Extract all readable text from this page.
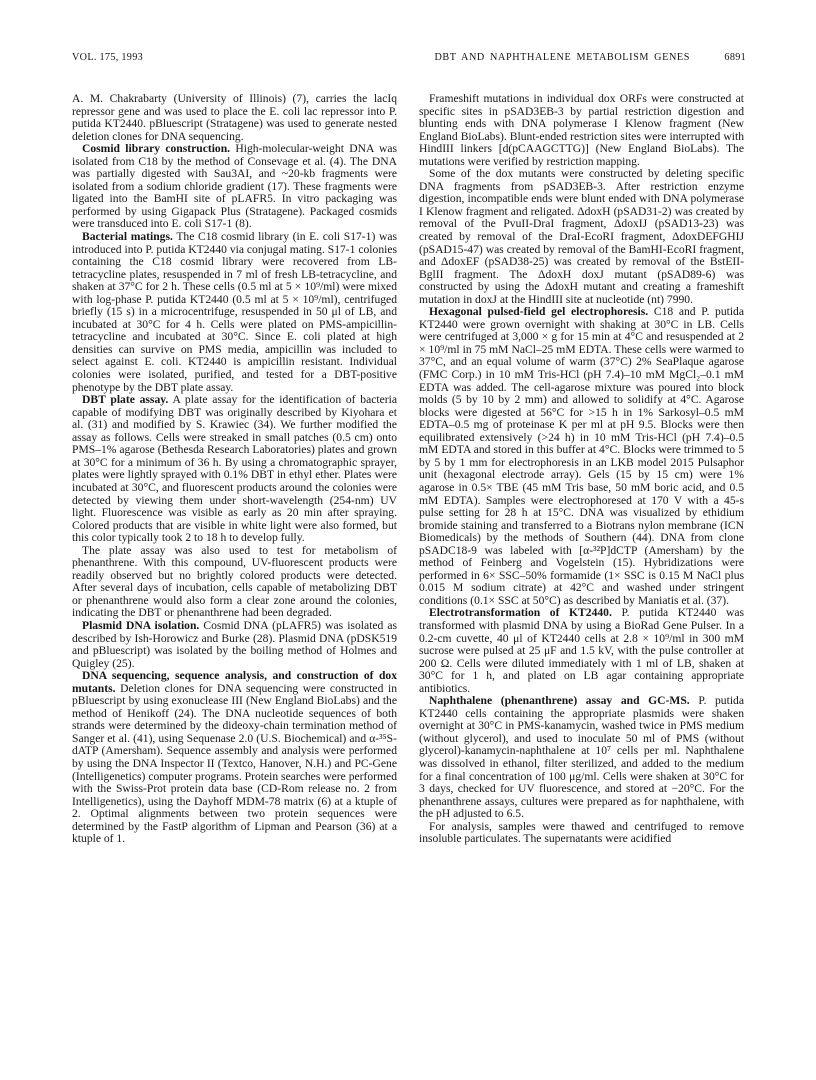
VOL. 175, 1993	DBT AND NAPHTHALENE METABOLISM GENES	6891

A. M. Chakrabarty (University of Illinois) (7), carries the lacIq repressor gene and was used to place the E. coli lac repressor into P. putida KT2440. pBluescript (Stratagene) was used to generate nested deletion clones for DNA sequencing.

Cosmid library construction. High-molecular-weight DNA was isolated from C18 by the method of Consevage et al. (4). The DNA was partially digested with Sau3AI, and ~20-kb fragments were isolated from a sodium chloride gradient (17). These fragments were ligated into the BamHI site of pLAFR5. In vitro packaging was performed by using Gigapack Plus (Stratagene). Packaged cosmids were transduced into E. coli S17-1 (8).

Bacterial matings. The C18 cosmid library (in E. coli S17-1) was introduced into P. putida KT2440 via conjugal mating. S17-1 colonies containing the C18 cosmid library were recovered from LB-tetracycline plates, resuspended in 7 ml of fresh LB-tetracycline, and shaken at 37°C for 2 h. These cells (0.5 ml at 5 × 10⁹/ml) were mixed with log-phase P. putida KT2440 (0.5 ml at 5 × 10⁹/ml), centrifuged briefly (15 s) in a microcentrifuge, resuspended in 50 μl of LB, and incubated at 30°C for 4 h. Cells were plated on PMS-ampicillin-tetracycline and incubated at 30°C. Since E. coli plated at high densities can survive on PMS media, ampicillin was included to select against E. coli. KT2440 is ampicillin resistant. Individual colonies were isolated, purified, and tested for a DBT-positive phenotype by the DBT plate assay.

DBT plate assay. A plate assay for the identification of bacteria capable of modifying DBT was originally described by Kiyohara et al. (31) and modified by S. Krawiec (34). We further modified the assay as follows. Cells were streaked in small patches (0.5 cm) onto PMS–1% agarose (Bethesda Research Laboratories) plates and grown at 30°C for a minimum of 36 h. By using a chromatographic sprayer, plates were lightly sprayed with 0.1% DBT in ethyl ether. Plates were incubated at 30°C, and fluorescent products around the colonies were detected by viewing them under short-wavelength (254-nm) UV light. Fluorescence was visible as early as 20 min after spraying. Colored products that are visible in white light were also formed, but this color typically took 2 to 18 h to develop fully.

The plate assay was also used to test for metabolism of phenanthrene. With this compound, UV-fluorescent products were readily observed but no brightly colored products were detected. After several days of incubation, cells capable of metabolizing DBT or phenanthrene would also form a clear zone around the colonies, indicating the DBT or phenanthrene had been degraded.

Plasmid DNA isolation. Cosmid DNA (pLAFR5) was isolated as described by Ish-Horowicz and Burke (28). Plasmid DNA (pDSK519 and pBluescript) was isolated by the boiling method of Holmes and Quigley (25).

DNA sequencing, sequence analysis, and construction of dox mutants. Deletion clones for DNA sequencing were constructed in pBluescript by using exonuclease III (New England BioLabs) and the method of Henikoff (24). The DNA nucleotide sequences of both strands were determined by the dideoxy-chain termination method of Sanger et al. (41), using Sequenase 2.0 (U.S. Biochemical) and α-³⁵S-dATP (Amersham). Sequence assembly and analysis were performed by using the DNA Inspector II (Textco, Hanover, N.H.) and PC-Gene (Intelligenetics) computer programs. Protein searches were performed with the Swiss-Prot protein data base (CD-Rom release no. 2 from Intelligenetics), using the Dayhoff MDM-78 matrix (6) at a ktuple of 2. Optimal alignments between two protein sequences were determined by the FastP algorithm of Lipman and Pearson (36) at a ktuple of 1.

Frameshift mutations in individual dox ORFs were constructed at specific sites in pSAD3EB-3 by partial restriction digestion and blunting ends with DNA polymerase I Klenow fragment (New England BioLabs). Blunt-ended restriction sites were interrupted with HindIII linkers [d(pCAAGCTTG)] (New England BioLabs). The mutations were verified by restriction mapping.

Some of the dox mutants were constructed by deleting specific DNA fragments from pSAD3EB-3. After restriction enzyme digestion, incompatible ends were blunt ended with DNA polymerase I Klenow fragment and religated. ΔdoxH (pSAD31-2) was created by removal of the PvuII-DraI fragment, ΔdoxIJ (pSAD13-23) was created by removal of the DraI-EcoRI fragment, ΔdoxDEFGHIJ (pSAD15-47) was created by removal of the BamHI-EcoRI fragment, and ΔdoxEF (pSAD38-25) was created by removal of the BstEII-BglII fragment. The ΔdoxH doxJ mutant (pSAD89-6) was constructed by using the ΔdoxH mutant and creating a frameshift mutation in doxJ at the HindIII site at nucleotide (nt) 7990.

Hexagonal pulsed-field gel electrophoresis. C18 and P. putida KT2440 were grown overnight with shaking at 30°C in LB. Cells were centrifuged at 3,000 × g for 15 min at 4°C and resuspended at 2 × 10⁹/ml in 75 mM NaCl–25 mM EDTA. These cells were warmed to 37°C, and an equal volume of warm (37°C) 2% SeaPlaque agarose (FMC Corp.) in 10 mM Tris-HCl (pH 7.4)–10 mM MgCl₂–0.1 mM EDTA was added. The cell-agarose mixture was poured into block molds (5 by 10 by 2 mm) and allowed to solidify at 4°C. Agarose blocks were digested at 56°C for >15 h in 1% Sarkosyl–0.5 mM EDTA–0.5 mg of proteinase K per ml at pH 9.5. Blocks were then equilibrated extensively (>24 h) in 10 mM Tris-HCl (pH 7.4)–0.5 mM EDTA and stored in this buffer at 4°C. Blocks were trimmed to 5 by 5 by 1 mm for electrophoresis in an LKB model 2015 Pulsaphor unit (hexagonal electrode array). Gels (15 by 15 cm) were 1% agarose in 0.5× TBE (45 mM Tris base, 50 mM boric acid, and 0.5 mM EDTA). Samples were electrophoresed at 170 V with a 45-s pulse setting for 28 h at 15°C. DNA was visualized by ethidium bromide staining and transferred to a Biotrans nylon membrane (ICN Biomedicals) by the methods of Southern (44). DNA from clone pSADC18-9 was labeled with [α-³²P]dCTP (Amersham) by the method of Feinberg and Vogelstein (15). Hybridizations were performed in 6× SSC–50% formamide (1× SSC is 0.15 M NaCl plus 0.015 M sodium citrate) at 42°C and washed under stringent conditions (0.1× SSC at 50°C) as described by Maniatis et al. (37).

Electrotransformation of KT2440. P. putida KT2440 was transformed with plasmid DNA by using a BioRad Gene Pulser. In a 0.2-cm cuvette, 40 μl of KT2440 cells at 2.8 × 10⁹/ml in 300 mM sucrose were pulsed at 25 μF and 1.5 kV, with the pulse controller at 200 Ω. Cells were diluted immediately with 1 ml of LB, shaken at 30°C for 1 h, and plated on LB agar containing appropriate antibiotics.

Naphthalene (phenanthrene) assay and GC-MS. P. putida KT2440 cells containing the appropriate plasmids were shaken overnight at 30°C in PMS-kanamycin, washed twice in PMS medium (without glycerol), and used to inoculate 50 ml of PMS (without glycerol)-kanamycin-naphthalene at 10⁷ cells per ml. Naphthalene was dissolved in ethanol, filter sterilized, and added to the medium for a final concentration of 100 μg/ml. Cells were shaken at 30°C for 3 days, checked for UV fluorescence, and stored at −20°C. For the phenanthrene assays, cultures were prepared as for naphthalene, with the pH adjusted to 6.5.

For analysis, samples were thawed and centrifuged to remove insoluble particulates. The supernatants were acidified
